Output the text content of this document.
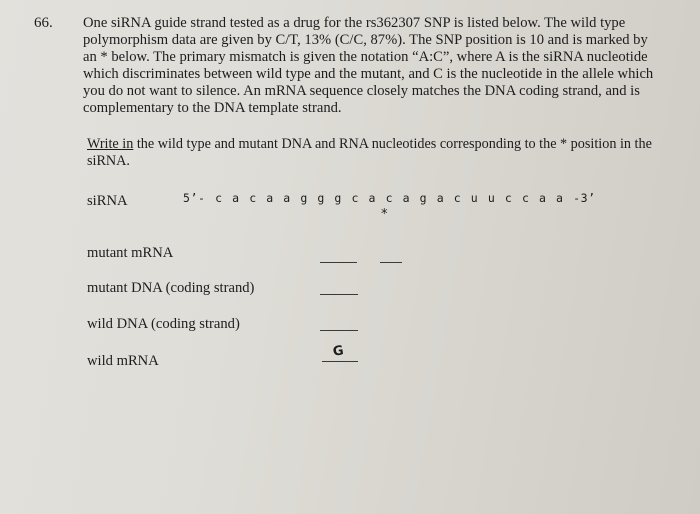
66. One siRNA guide strand tested as a drug for the rs362307 SNP is listed below. The wild type polymorphism data are given by C/T, 13% (C/C, 87%). The SNP position is 10 and is marked by an * below. The primary mismatch is given the notation “A:C”, where A is the siRNA nucleotide which discriminates between wild type and the mutant, and C is the nucleotide in the allele which you do not want to silence. An mRNA sequence closely matches the DNA coding strand, and is complementary to the DNA template strand.
Write in the wild type and mutant DNA and RNA nucleotides corresponding to the * position in the siRNA.
siRNA	5’- c a c a a g g g c a c a g a c u u c c a a -3’
*
mutant mRNA
mutant DNA (coding strand)
wild DNA (coding strand)
wild mRNA
G
